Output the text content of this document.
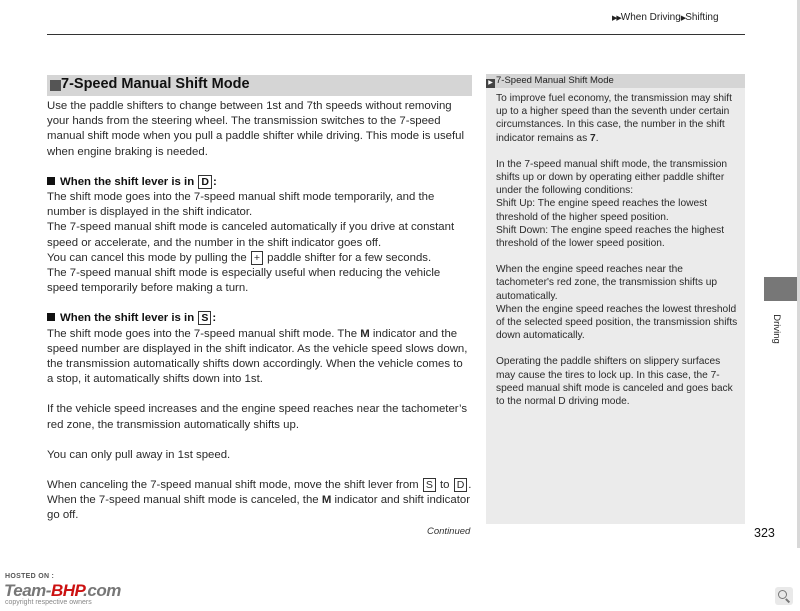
▶▶When Driving▶Shifting
7-Speed Manual Shift Mode

Use the paddle shifters to change between 1st and 7th speeds without removing your hands from the steering wheel. The transmission switches to the 7-speed manual shift mode when you pull a paddle shifter while driving. This mode is useful when engine braking is needed.

When the shift lever is in D :

The shift mode goes into the 7-speed manual shift mode temporarily, and the number is displayed in the shift indicator.

The 7-speed manual shift mode is canceled automatically if you drive at constant speed or accelerate, and the number in the shift indicator goes off.

You can cancel this mode by pulling the + paddle shifter for a few seconds.

The 7-speed manual shift mode is especially useful when reducing the vehicle speed temporarily before making a turn.

When the shift lever is in S :

The shift mode goes into the 7-speed manual shift mode. The M indicator and the speed number are displayed in the shift indicator. As the vehicle speed slows down, the transmission automatically shifts down accordingly. When the vehicle comes to a stop, it automatically shifts down into 1st.

If the vehicle speed increases and the engine speed reaches near the tachometer’s red zone, the transmission automatically shifts up.

You can only pull away in 1st speed.

When canceling the 7-speed manual shift mode, move the shift lever from S to D . When the 7-speed manual shift mode is canceled, the M indicator and shift indicator go off.

Continued
▶ 7-Speed Manual Shift Mode

To improve fuel economy, the transmission may shift up to a higher speed than the seventh under certain circumstances. In this case, the number in the shift indicator remains as 7.

In the 7-speed manual shift mode, the transmission shifts up or down by operating either paddle shifter under the following conditions:

Shift Up: The engine speed reaches the lowest threshold of the higher speed position.

Shift Down: The engine speed reaches the highest threshold of the lower speed position.

When the engine speed reaches near the tachometer's red zone, the transmission shifts up automatically.

When the engine speed reaches the lowest threshold of the selected speed position, the transmission shifts down automatically.

Operating the paddle shifters on slippery surfaces may cause the tires to lock up. In this case, the 7-speed manual shift mode is canceled and goes back to the normal D driving mode.

Driving
323
HOSTED ON :
Team-BHP.com
copyright respective owners
